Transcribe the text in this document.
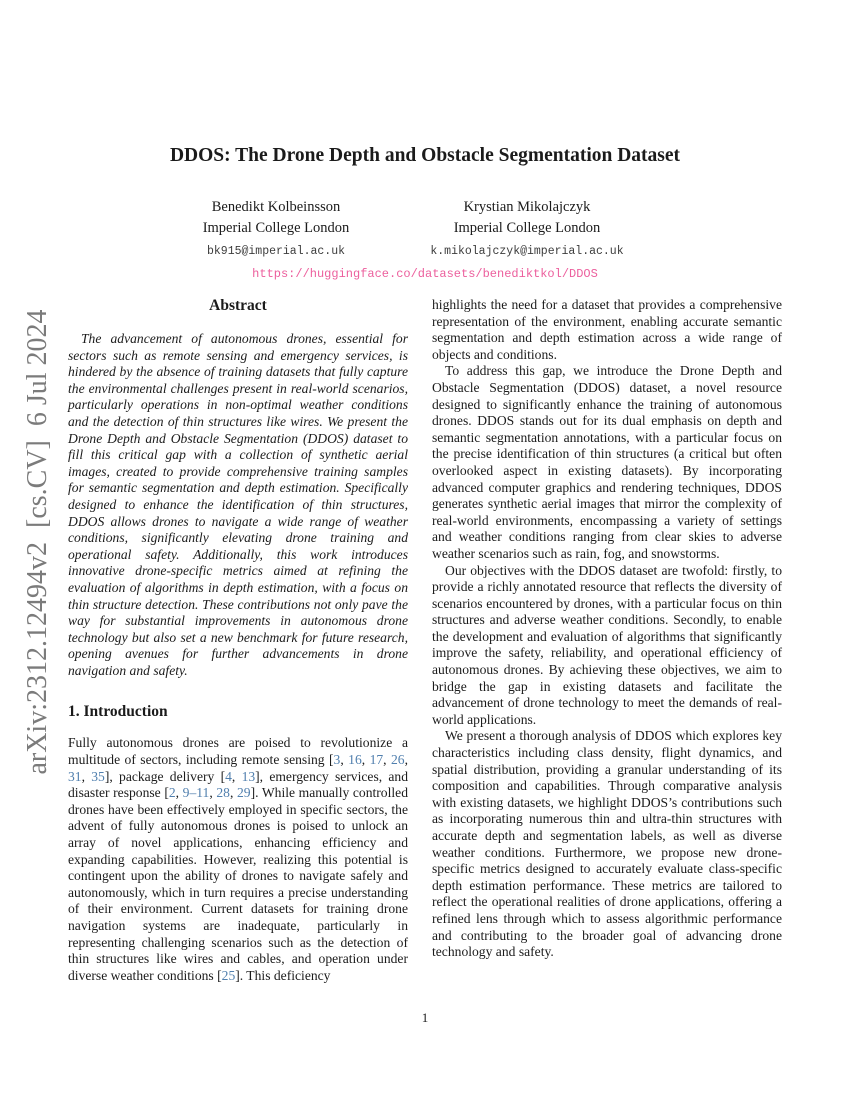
arXiv:2312.12494v2  [cs.CV]  6 Jul 2024
DDOS: The Drone Depth and Obstacle Segmentation Dataset
Benedikt Kolbeinsson
Imperial College London
bk915@imperial.ac.uk
Krystian Mikolajczyk
Imperial College London
k.mikolajczyk@imperial.ac.uk
https://huggingface.co/datasets/benediktkol/DDOS
Abstract

The advancement of autonomous drones, essential for sectors such as remote sensing and emergency services, is hindered by the absence of training datasets that fully capture the environmental challenges present in real-world scenarios, particularly operations in non-optimal weather conditions and the detection of thin structures like wires. We present the Drone Depth and Obstacle Segmentation (DDOS) dataset to fill this critical gap with a collection of synthetic aerial images, created to provide comprehensive training samples for semantic segmentation and depth estimation. Specifically designed to enhance the identification of thin structures, DDOS allows drones to navigate a wide range of weather conditions, significantly elevating drone training and operational safety. Additionally, this work introduces innovative drone-specific metrics aimed at refining the evaluation of algorithms in depth estimation, with a focus on thin structure detection. These contributions not only pave the way for substantial improvements in autonomous drone technology but also set a new benchmark for future research, opening avenues for further advancements in drone navigation and safety.

1. Introduction

Fully autonomous drones are poised to revolutionize a multitude of sectors, including remote sensing [3, 16, 17, 26, 31, 35], package delivery [4, 13], emergency services, and disaster response [2, 9–11, 28, 29]. While manually controlled drones have been effectively employed in specific sectors, the advent of fully autonomous drones is poised to unlock an array of novel applications, enhancing efficiency and expanding capabilities. However, realizing this potential is contingent upon the ability of drones to navigate safely and autonomously, which in turn requires a precise understanding of their environment. Current datasets for training drone navigation systems are inadequate, particularly in representing challenging scenarios such as the detection of thin structures like wires and cables, and operation under diverse weather conditions [25]. This deficiency

highlights the need for a dataset that provides a comprehensive representation of the environment, enabling accurate semantic segmentation and depth estimation across a wide range of objects and conditions.

To address this gap, we introduce the Drone Depth and Obstacle Segmentation (DDOS) dataset, a novel resource designed to significantly enhance the training of autonomous drones. DDOS stands out for its dual emphasis on depth and semantic segmentation annotations, with a particular focus on the precise identification of thin structures (a critical but often overlooked aspect in existing datasets). By incorporating advanced computer graphics and rendering techniques, DDOS generates synthetic aerial images that mirror the complexity of real-world environments, encompassing a variety of settings and weather conditions ranging from clear skies to adverse weather scenarios such as rain, fog, and snowstorms.

Our objectives with the DDOS dataset are twofold: firstly, to provide a richly annotated resource that reflects the diversity of scenarios encountered by drones, with a particular focus on thin structures and adverse weather conditions. Secondly, to enable the development and evaluation of algorithms that significantly improve the safety, reliability, and operational efficiency of autonomous drones. By achieving these objectives, we aim to bridge the gap in existing datasets and facilitate the advancement of drone technology to meet the demands of real-world applications.

We present a thorough analysis of DDOS which explores key characteristics including class density, flight dynamics, and spatial distribution, providing a granular understanding of its composition and capabilities. Through comparative analysis with existing datasets, we highlight DDOS’s contributions such as incorporating numerous thin and ultra-thin structures with accurate depth and segmentation labels, as well as diverse weather conditions. Furthermore, we propose new drone-specific metrics designed to accurately evaluate class-specific depth estimation performance. These metrics are tailored to reflect the operational realities of drone applications, offering a refined lens through which to assess algorithmic performance and contributing to the broader goal of advancing drone technology and safety.

1
